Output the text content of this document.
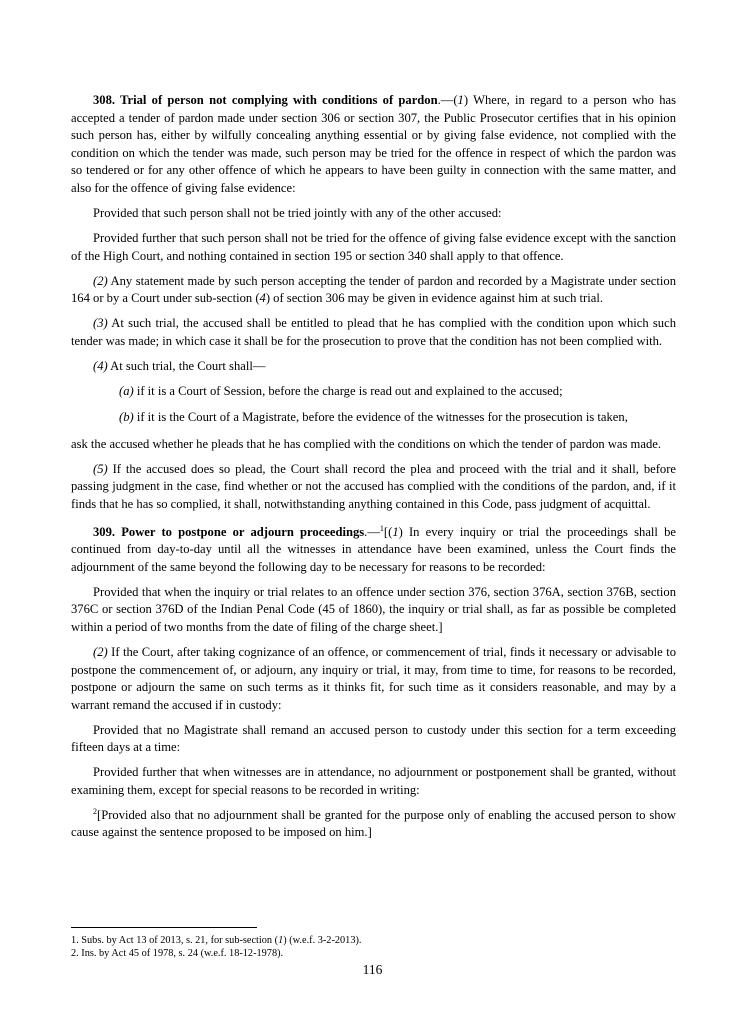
308. Trial of person not complying with conditions of pardon.—(1) Where, in regard to a person who has accepted a tender of pardon made under section 306 or section 307, the Public Prosecutor certifies that in his opinion such person has, either by wilfully concealing anything essential or by giving false evidence, not complied with the condition on which the tender was made, such person may be tried for the offence in respect of which the pardon was so tendered or for any other offence of which he appears to have been guilty in connection with the same matter, and also for the offence of giving false evidence:

Provided that such person shall not be tried jointly with any of the other accused:

Provided further that such person shall not be tried for the offence of giving false evidence except with the sanction of the High Court, and nothing contained in section 195 or section 340 shall apply to that offence.

(2) Any statement made by such person accepting the tender of pardon and recorded by a Magistrate under section 164 or by a Court under sub-section (4) of section 306 may be given in evidence against him at such trial.

(3) At such trial, the accused shall be entitled to plead that he has complied with the condition upon which such tender was made; in which case it shall be for the prosecution to prove that the condition has not been complied with.

(4) At such trial, the Court shall—

(a) if it is a Court of Session, before the charge is read out and explained to the accused;

(b) if it is the Court of a Magistrate, before the evidence of the witnesses for the prosecution is taken,

ask the accused whether he pleads that he has complied with the conditions on which the tender of pardon was made.

(5) If the accused does so plead, the Court shall record the plea and proceed with the trial and it shall, before passing judgment in the case, find whether or not the accused has complied with the conditions of the pardon, and, if it finds that he has so complied, it shall, notwithstanding anything contained in this Code, pass judgment of acquittal.

309. Power to postpone or adjourn proceedings.—$^1$[(1) In every inquiry or trial the proceedings shall be continued from day-to-day until all the witnesses in attendance have been examined, unless the Court finds the adjournment of the same beyond the following day to be necessary for reasons to be recorded:

Provided that when the inquiry or trial relates to an offence under section 376, section 376A, section 376B, section 376C or section 376D of the Indian Penal Code (45 of 1860), the inquiry or trial shall, as far as possible be completed within a period of two months from the date of filing of the charge sheet.]

(2) If the Court, after taking cognizance of an offence, or commencement of trial, finds it necessary or advisable to postpone the commencement of, or adjourn, any inquiry or trial, it may, from time to time, for reasons to be recorded, postpone or adjourn the same on such terms as it thinks fit, for such time as it considers reasonable, and may by a warrant remand the accused if in custody:

Provided that no Magistrate shall remand an accused person to custody under this section for a term exceeding fifteen days at a time:

Provided further that when witnesses are in attendance, no adjournment or postponement shall be granted, without examining them, except for special reasons to be recorded in writing:

$^2$[Provided also that no adjournment shall be granted for the purpose only of enabling the accused person to show cause against the sentence proposed to be imposed on him.]

1. Subs. by Act 13 of 2013, s. 21, for sub-section (1) (w.e.f. 3-2-2013).
2. Ins. by Act 45 of 1978, s. 24 (w.e.f. 18-12-1978).
116
